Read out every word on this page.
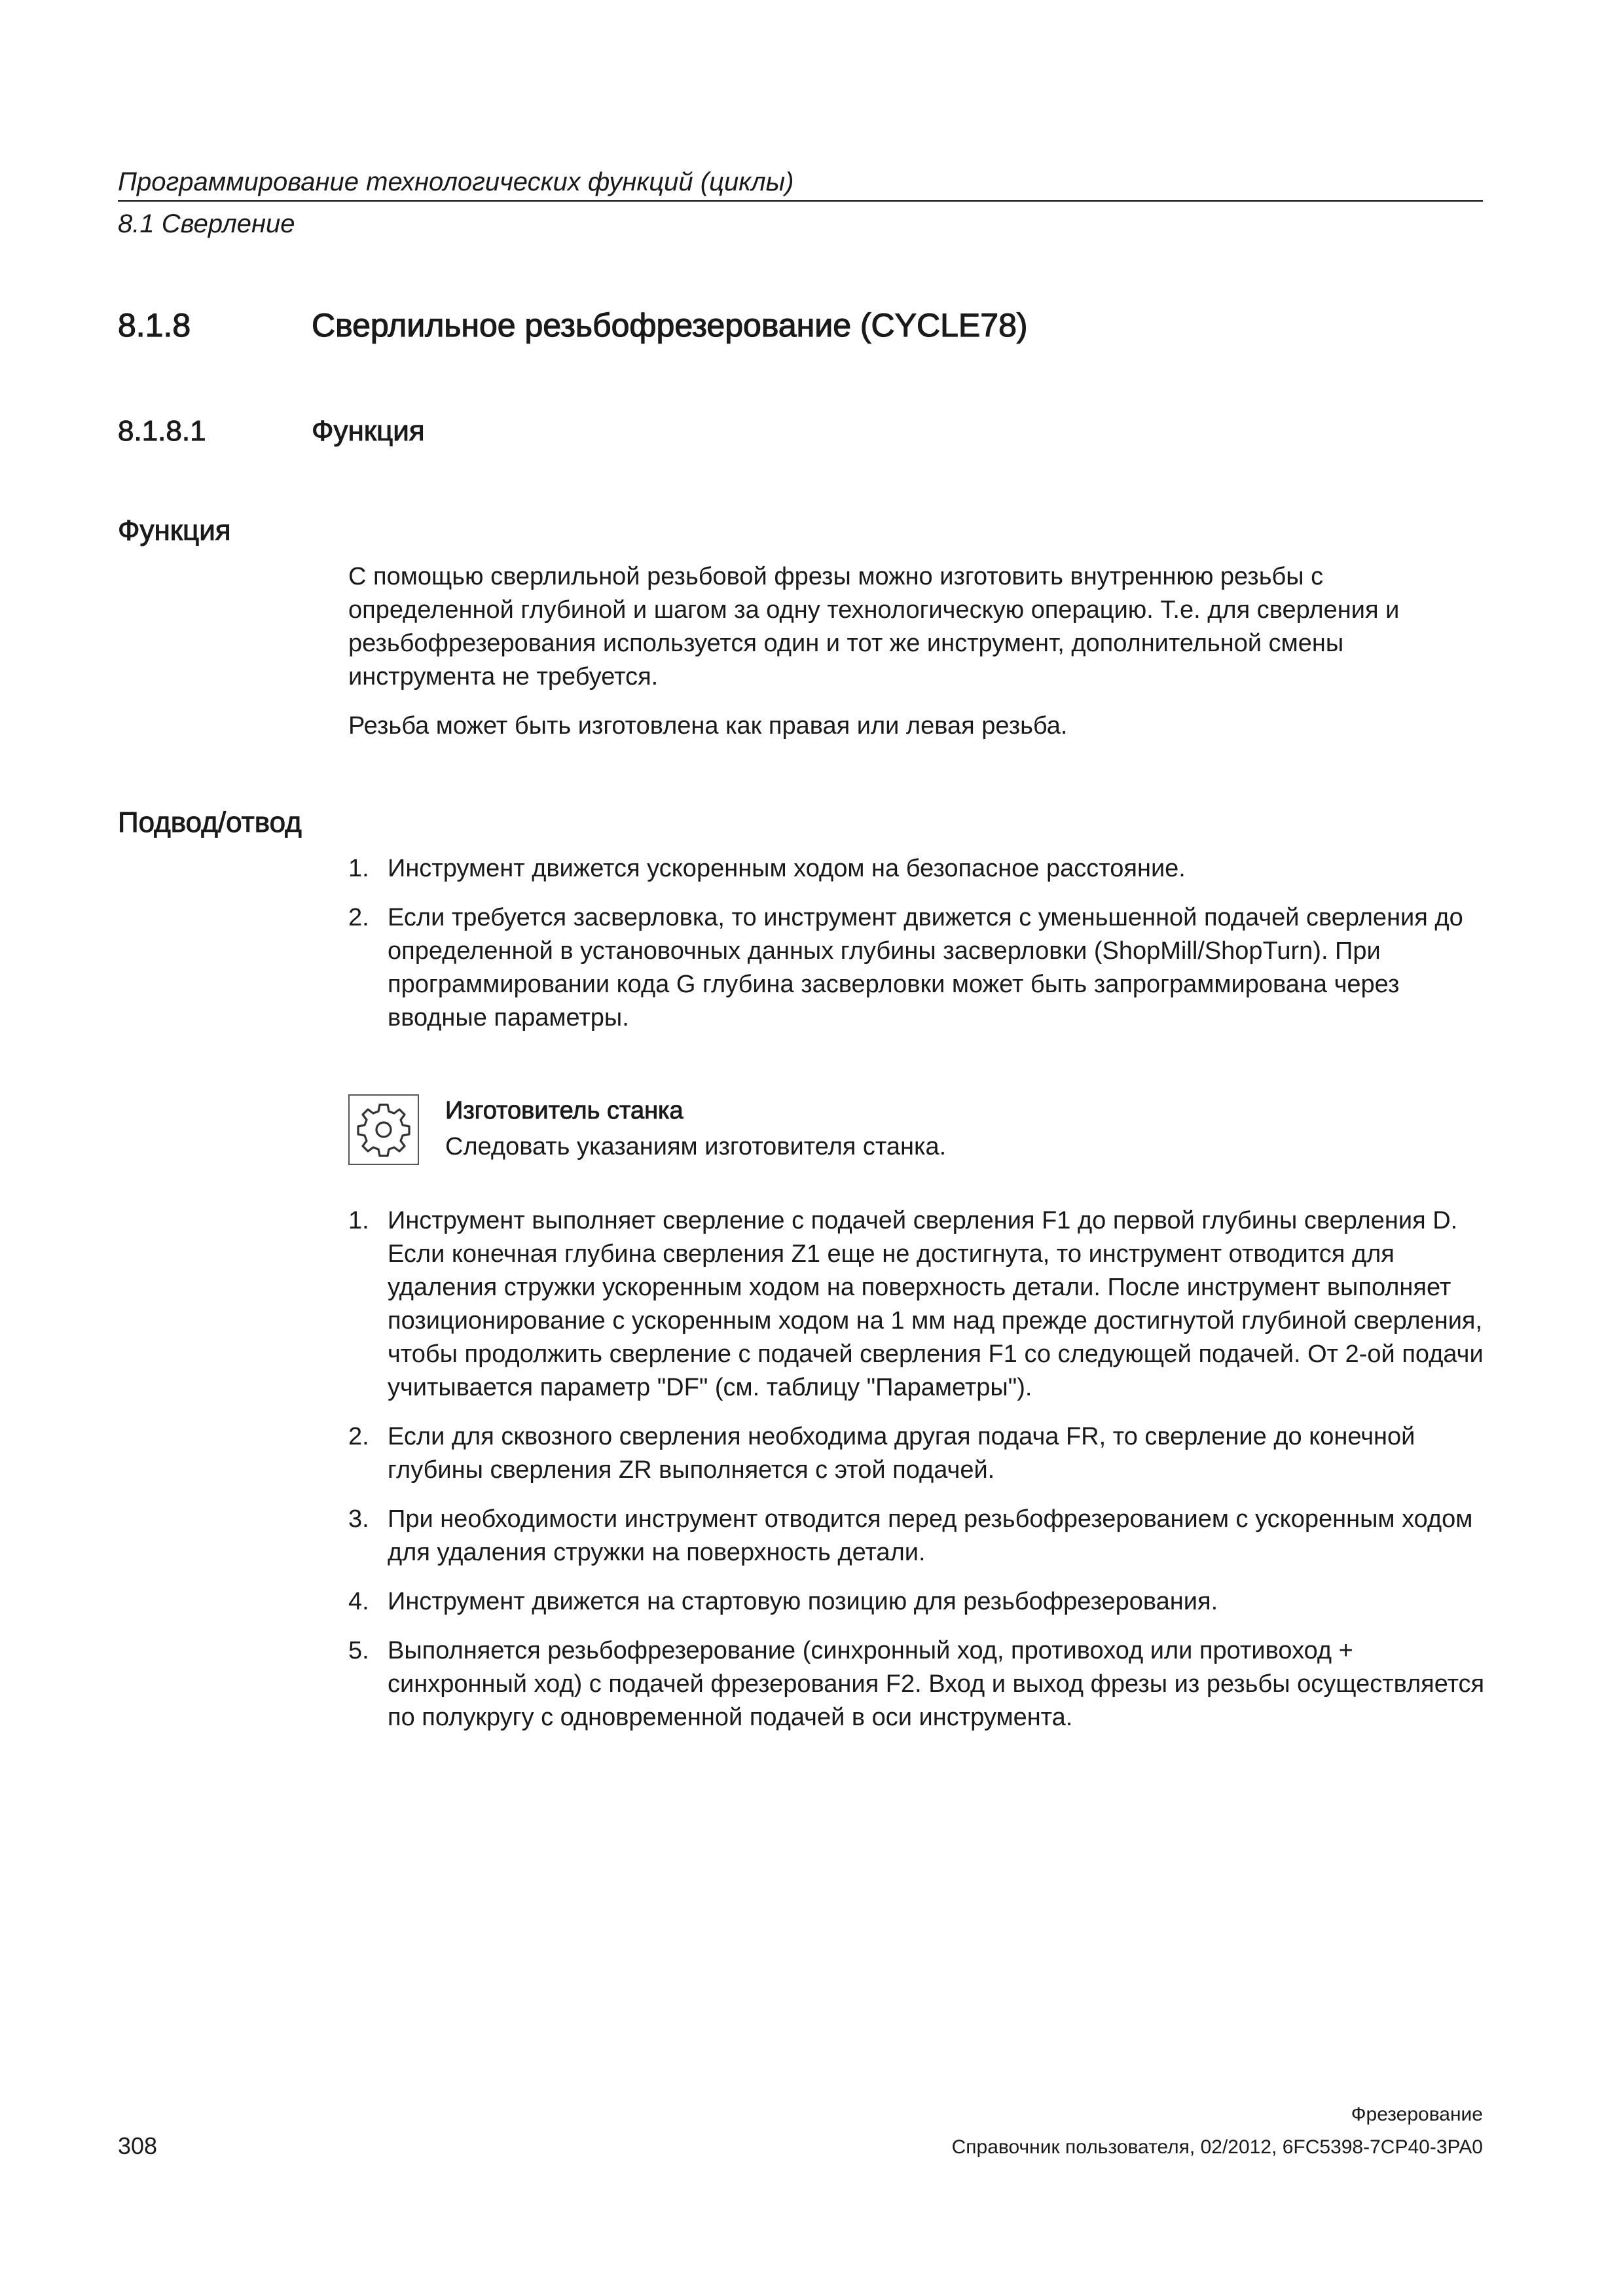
Программирование технологических функций (циклы)
8.1 Сверление
8.1.8	Сверлильное резьбофрезерование (CYCLE78)
8.1.8.1	Функция
Функция

С помощью сверлильной резьбовой фрезы можно изготовить внутреннюю резьбы с определенной глубиной и шагом за одну технологическую операцию. Т.е. для сверления и резьбофрезерования используется один и тот же инструмент, дополнительной смены инструмента не требуется.

Резьба может быть изготовлена как правая или левая резьба.

Подвод/отвод
1. Инструмент движется ускоренным ходом на безопасное расстояние.
2. Если требуется засверловка, то инструмент движется с уменьшенной подачей сверления до определенной в установочных данных глубины засверловки (ShopMill/ShopTurn). При программировании кода G глубина засверловки может быть запрограммирована через вводные параметры.
Изготовитель станка
Следовать указаниям изготовителя станка.
1. Инструмент выполняет сверление с подачей сверления F1 до первой глубины сверления D. Если конечная глубина сверления Z1 еще не достигнута, то инструмент отводится для удаления стружки ускоренным ходом на поверхность детали. После инструмент выполняет позиционирование с ускоренным ходом на 1 мм над прежде достигнутой глубиной сверления, чтобы продолжить сверление с подачей сверления F1 со следующей подачей. От 2-ой подачи учитывается параметр "DF" (см. таблицу "Параметры").
2. Если для сквозного сверления необходима другая подача FR, то сверление до конечной глубины сверления ZR выполняется с этой подачей.
3. При необходимости инструмент отводится перед резьбофрезерованием с ускоренным ходом для удаления стружки на поверхность детали.
4. Инструмент движется на стартовую позицию для резьбофрезерования.
5. Выполняется резьбофрезерование (синхронный ход, противоход или противоход + синхронный ход) с подачей фрезерования F2. Вход и выход фрезы из резьбы осуществляется по полукругу с одновременной подачей в оси инструмента.
Фрезерование
308	Справочник пользователя, 02/2012, 6FC5398-7CP40-3PA0
